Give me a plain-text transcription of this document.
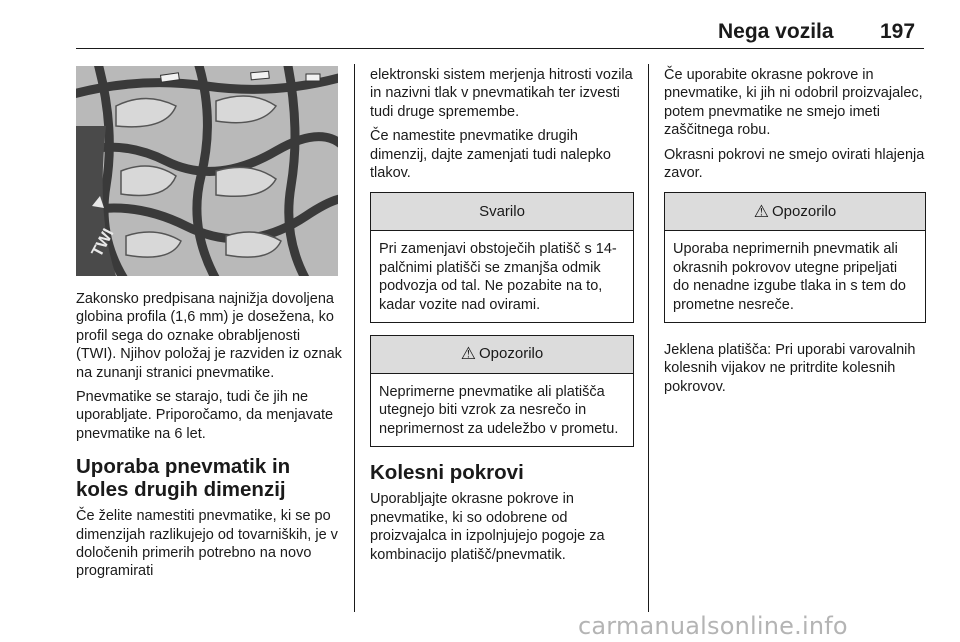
Nega vozila 197
TWI

Zakonsko predpisana najnižja dovoljena globina profila (1,6 mm) je dosežena, ko profil sega do oznake obrabljenosti (TWI). Njihov položaj je razviden iz oznak na zunanji stranici pnevmatike.

Pnevmatike se starajo, tudi če jih ne uporabljate. Priporočamo, da menjavate pnevmatike na 6 let.

Uporaba pnevmatik in koles drugih dimenzij

Če želite namestiti pnevmatike, ki se po dimenzijah razlikujejo od tovarniških, je v določenih primerih potrebno na novo programirati

elektronski sistem merjenja hitrosti vozila in nazivni tlak v pnevmatikah ter izvesti tudi druge spremembe.

Če namestite pnevmatike drugih dimenzij, dajte zamenjati tudi nalepko tlakov.

Svarilo
Pri zamenjavi obstoječih platišč s 14-palčnimi platišči se zmanjša odmik podvozja od tal. Ne pozabite na to, kadar vozite nad ovirami.
⚠ Opozorilo
Neprimerne pnevmatike ali platišča utegnejo biti vzrok za nesrečo in neprimernost za udeležbo v prometu.
Kolesni pokrovi

Uporabljajte okrasne pokrove in pnevmatike, ki so odobrene od proizvajalca in izpolnjujejo pogoje za kombinacijo platišč/pnevmatik.

Če uporabite okrasne pokrove in pnevmatike, ki jih ni odobril proizvajalec, potem pnevmatike ne smejo imeti zaščitnega robu.

Okrasni pokrovi ne smejo ovirati hlajenja zavor.

⚠ Opozorilo
Uporaba neprimernih pnevmatik ali okrasnih pokrovov utegne pripeljati do nenadne izgube tlaka in s tem do prometne nesreče.

Jeklena platišča: Pri uporabi varovalnih kolesnih vijakov ne pritrdite kolesnih pokrovov.

carmanualsonline.info
